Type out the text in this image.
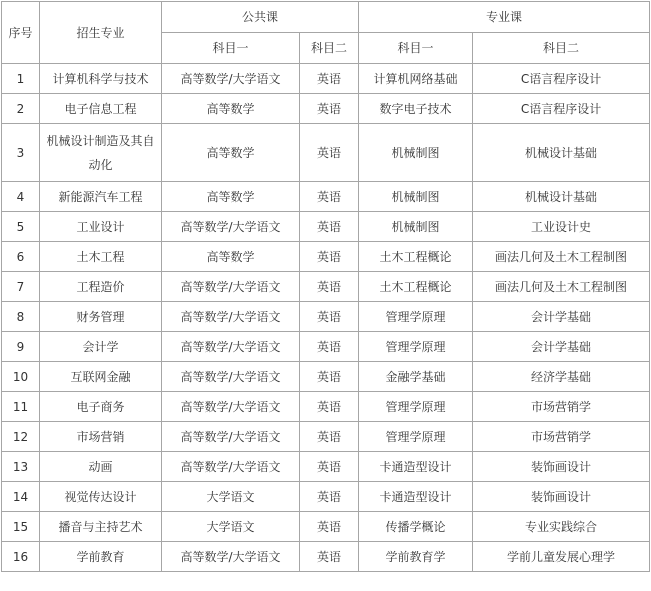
序号	招生专业	公共课		专业课	
		科目一	科目二	科目一	科目二
1	计算机科学与技术	高等数学/大学语文	英语	计算机网络基础	C语言程序设计
2	电子信息工程	高等数学	英语	数字电子技术	C语言程序设计
3	机械设计制造及其自动化	高等数学	英语	机械制图	机械设计基础
4	新能源汽车工程	高等数学	英语	机械制图	机械设计基础
5	工业设计	高等数学/大学语文	英语	机械制图	工业设计史
6	土木工程	高等数学	英语	土木工程概论	画法几何及土木工程制图
7	工程造价	高等数学/大学语文	英语	土木工程概论	画法几何及土木工程制图
8	财务管理	高等数学/大学语文	英语	管理学原理	会计学基础
9	会计学	高等数学/大学语文	英语	管理学原理	会计学基础
10	互联网金融	高等数学/大学语文	英语	金融学基础	经济学基础
11	电子商务	高等数学/大学语文	英语	管理学原理	市场营销学
12	市场营销	高等数学/大学语文	英语	管理学原理	市场营销学
13	动画	高等数学/大学语文	英语	卡通造型设计	装饰画设计
14	视觉传达设计	大学语文	英语	卡通造型设计	装饰画设计
15	播音与主持艺术	大学语文	英语	传播学概论	专业实践综合
16	学前教育	高等数学/大学语文	英语	学前教育学	学前儿童发展心理学
